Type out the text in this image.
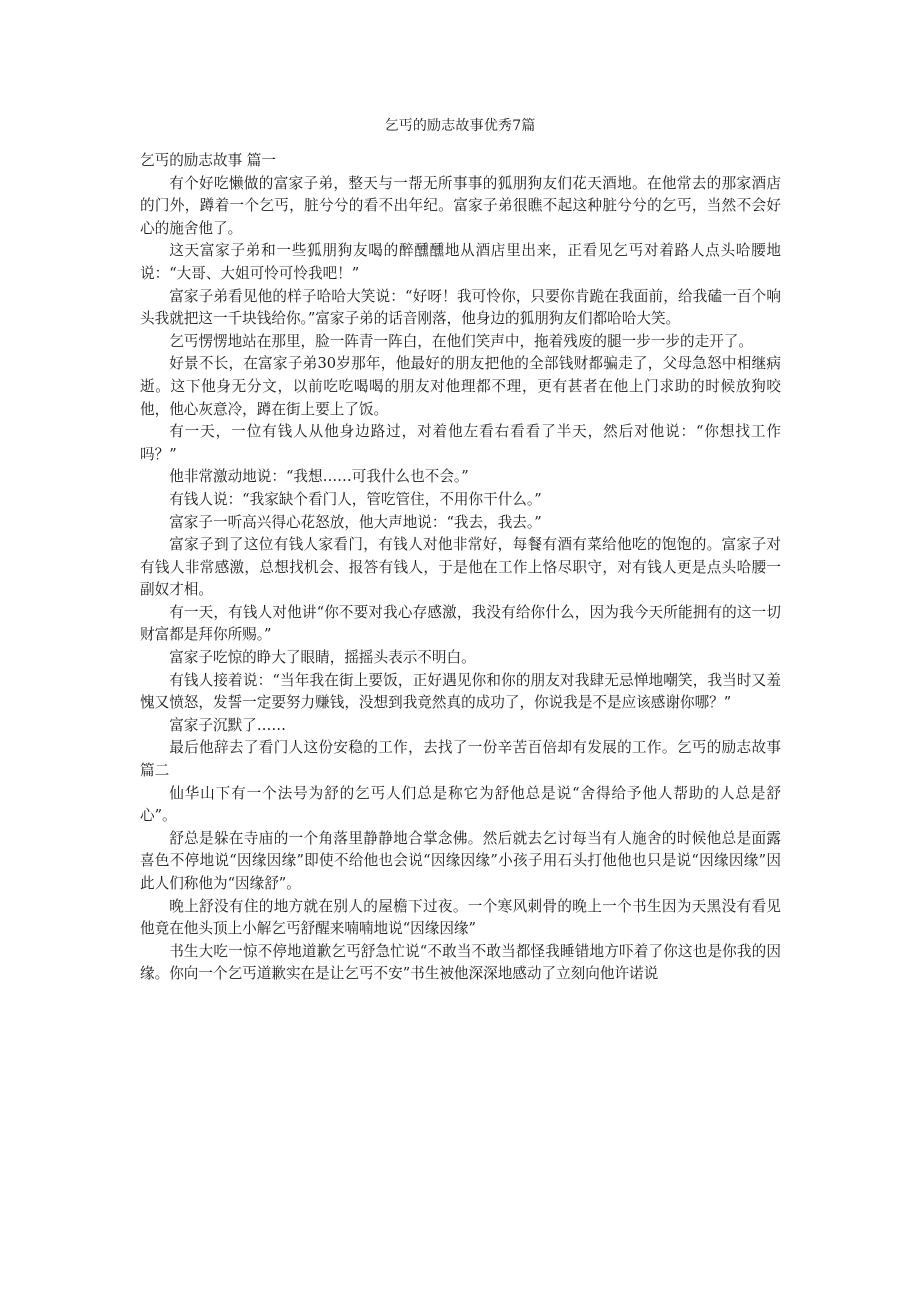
乞丐的励志故事优秀7篇

乞丐的励志故事 篇一

有个好吃懒做的富家子弟，整天与一帮无所事事的狐朋狗友们花天酒地。在他常去的那家酒店的门外，蹲着一个乞丐，脏兮兮的看不出年纪。富家子弟很瞧不起这种脏兮兮的乞丐，当然不会好心的施舍他了。

这天富家子弟和一些狐朋狗友喝的醉醺醺地从酒店里出来，正看见乞丐对着路人点头哈腰地说：“大哥、大姐可怜可怜我吧！”

富家子弟看见他的样子哈哈大笑说：“好呀！我可怜你，只要你肯跪在我面前，给我磕一百个响头我就把这一千块钱给你。”富家子弟的话音刚落，他身边的狐朋狗友们都哈哈大笑。

乞丐愣愣地站在那里，脸一阵青一阵白，在他们笑声中，拖着残废的腿一步一步的走开了。

好景不长，在富家子弟30岁那年，他最好的朋友把他的全部钱财都骗走了，父母急怒中相继病逝。这下他身无分文，以前吃吃喝喝的朋友对他理都不理，更有甚者在他上门求助的时候放狗咬他，他心灰意冷，蹲在街上要上了饭。

有一天，一位有钱人从他身边路过，对着他左看右看看了半天，然后对他说：“你想找工作吗？”

他非常激动地说：“我想……可我什么也不会。”

有钱人说：“我家缺个看门人，管吃管住，不用你干什么。”

富家子一听高兴得心花怒放，他大声地说：“我去，我去。”

富家子到了这位有钱人家看门，有钱人对他非常好，每餐有酒有菜给他吃的饱饱的。富家子对有钱人非常感激，总想找机会、报答有钱人，于是他在工作上恪尽职守，对有钱人更是点头哈腰一副奴才相。

有一天，有钱人对他讲“你不要对我心存感激，我没有给你什么，因为我今天所能拥有的这一切财富都是拜你所赐。”

富家子吃惊的睁大了眼睛，摇摇头表示不明白。

有钱人接着说：“当年我在街上要饭，正好遇见你和你的朋友对我肆无忌惮地嘲笑，我当时又羞愧又愤怒，发誓一定要努力赚钱，没想到我竟然真的成功了，你说我是不是应该感谢你哪？”

富家子沉默了……

最后他辞去了看门人这份安稳的工作，去找了一份辛苦百倍却有发展的工作。乞丐的励志故事 篇二

仙华山下有一个法号为舒的乞丐人们总是称它为舒他总是说“舍得给予他人帮助的人总是舒心”。

舒总是躲在寺庙的一个角落里静静地合掌念佛。然后就去乞讨每当有人施舍的时候他总是面露喜色不停地说“因缘因缘”即使不给他也会说“因缘因缘”小孩子用石头打他他也只是说“因缘因缘”因此人们称他为“因缘舒”。

晚上舒没有住的地方就在别人的屋檐下过夜。一个寒风刺骨的晚上一个书生因为天黑没有看见他竟在他头顶上小解乞丐舒醒来喃喃地说“因缘因缘”

书生大吃一惊不停地道歉乞丐舒急忙说“不敢当不敢当都怪我睡错地方吓着了你这也是你我的因缘。你向一个乞丐道歉实在是让乞丐不安”书生被他深深地感动了立刻向他许诺说
